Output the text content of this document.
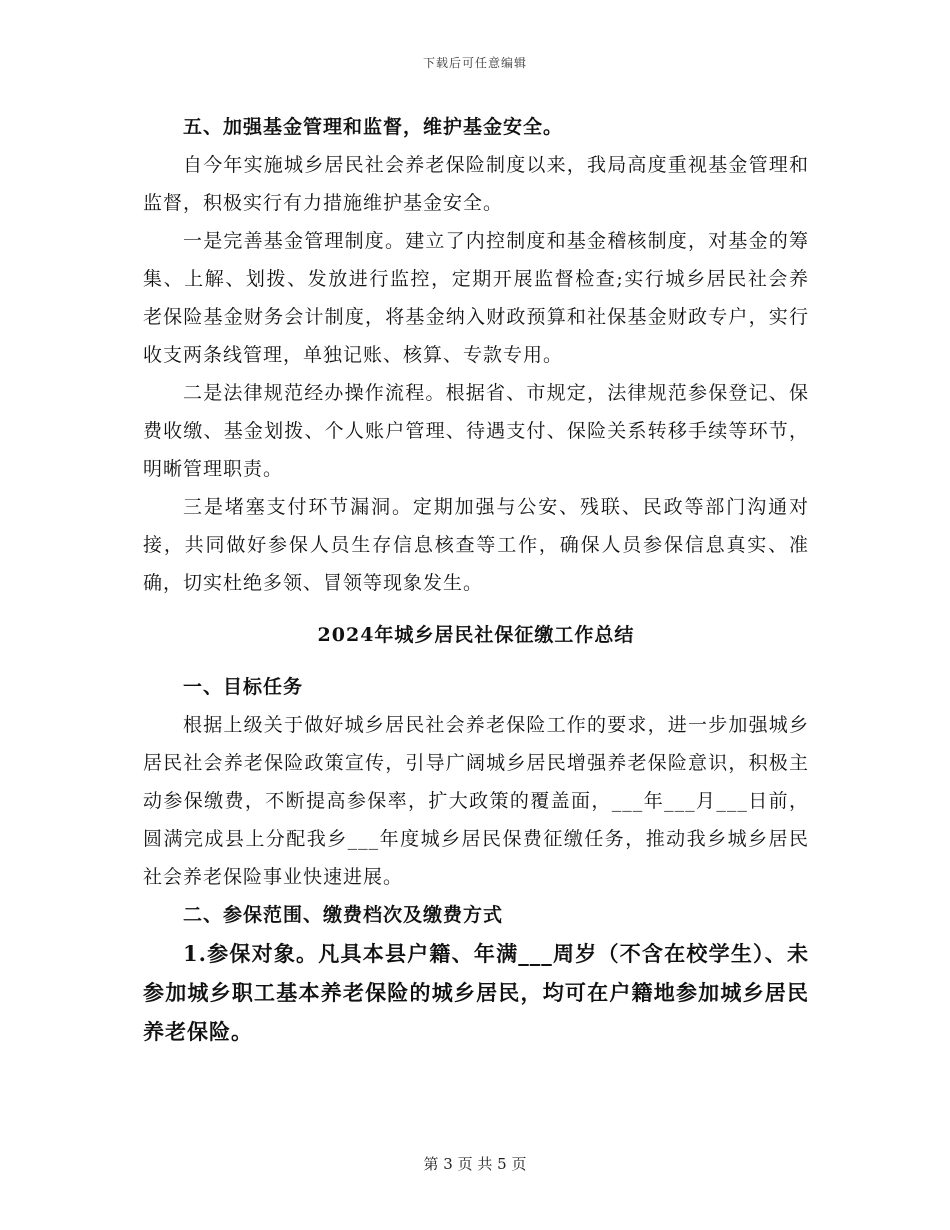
下载后可任意编辑

五、加强基金管理和监督，维护基金安全。

自今年实施城乡居民社会养老保险制度以来，我局高度重视基金管理和监督，积极实行有力措施维护基金安全。

一是完善基金管理制度。建立了内控制度和基金稽核制度，对基金的筹集、上解、划拨、发放进行监控，定期开展监督检查;实行城乡居民社会养老保险基金财务会计制度，将基金纳入财政预算和社保基金财政专户，实行收支两条线管理，单独记账、核算、专款专用。

二是法律规范经办操作流程。根据省、市规定，法律规范参保登记、保费收缴、基金划拨、个人账户管理、待遇支付、保险关系转移手续等环节，明晰管理职责。

三是堵塞支付环节漏洞。定期加强与公安、残联、民政等部门沟通对接，共同做好参保人员生存信息核查等工作，确保人员参保信息真实、准确，切实杜绝多领、冒领等现象发生。

2024年城乡居民社保征缴工作总结

一、目标任务

根据上级关于做好城乡居民社会养老保险工作的要求，进一步加强城乡居民社会养老保险政策宣传，引导广阔城乡居民增强养老保险意识，积极主动参保缴费，不断提高参保率，扩大政策的覆盖面，___年___月___日前，圆满完成县上分配我乡___年度城乡居民保费征缴任务，推动我乡城乡居民社会养老保险事业快速进展。

二、参保范围、缴费档次及缴费方式

1.参保对象。凡具本县户籍、年满___周岁（不含在校学生）、未参加城乡职工基本养老保险的城乡居民，均可在户籍地参加城乡居民养老保险。

第 3 页 共 5 页
